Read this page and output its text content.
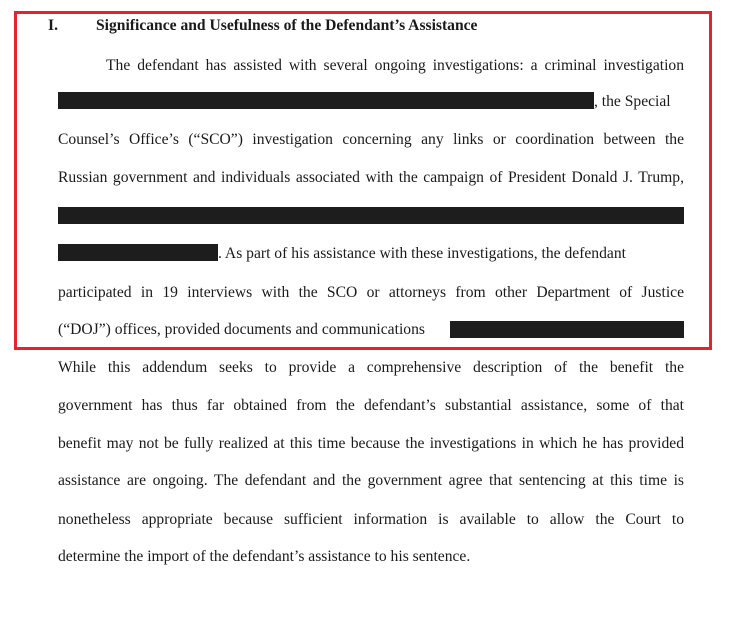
I. Significance and Usefulness of the Defendant’s Assistance
The defendant has assisted with several ongoing investigations: a criminal investigation
, the Special
Counsel’s Office’s (“SCO”) investigation concerning any links or coordination between the
Russian government and individuals associated with the campaign of President Donald J. Trump,
. As part of his assistance with these investigations, the defendant
participated in 19 interviews with the SCO or attorneys from other Department of Justice
(“DOJ”) offices, provided documents and communications
While this addendum seeks to provide a comprehensive description of the benefit the
government has thus far obtained from the defendant’s substantial assistance, some of that
benefit may not be fully realized at this time because the investigations in which he has provided
assistance are ongoing. The defendant and the government agree that sentencing at this time is
nonetheless appropriate because sufficient information is available to allow the Court to
determine the import of the defendant’s assistance to his sentence.
